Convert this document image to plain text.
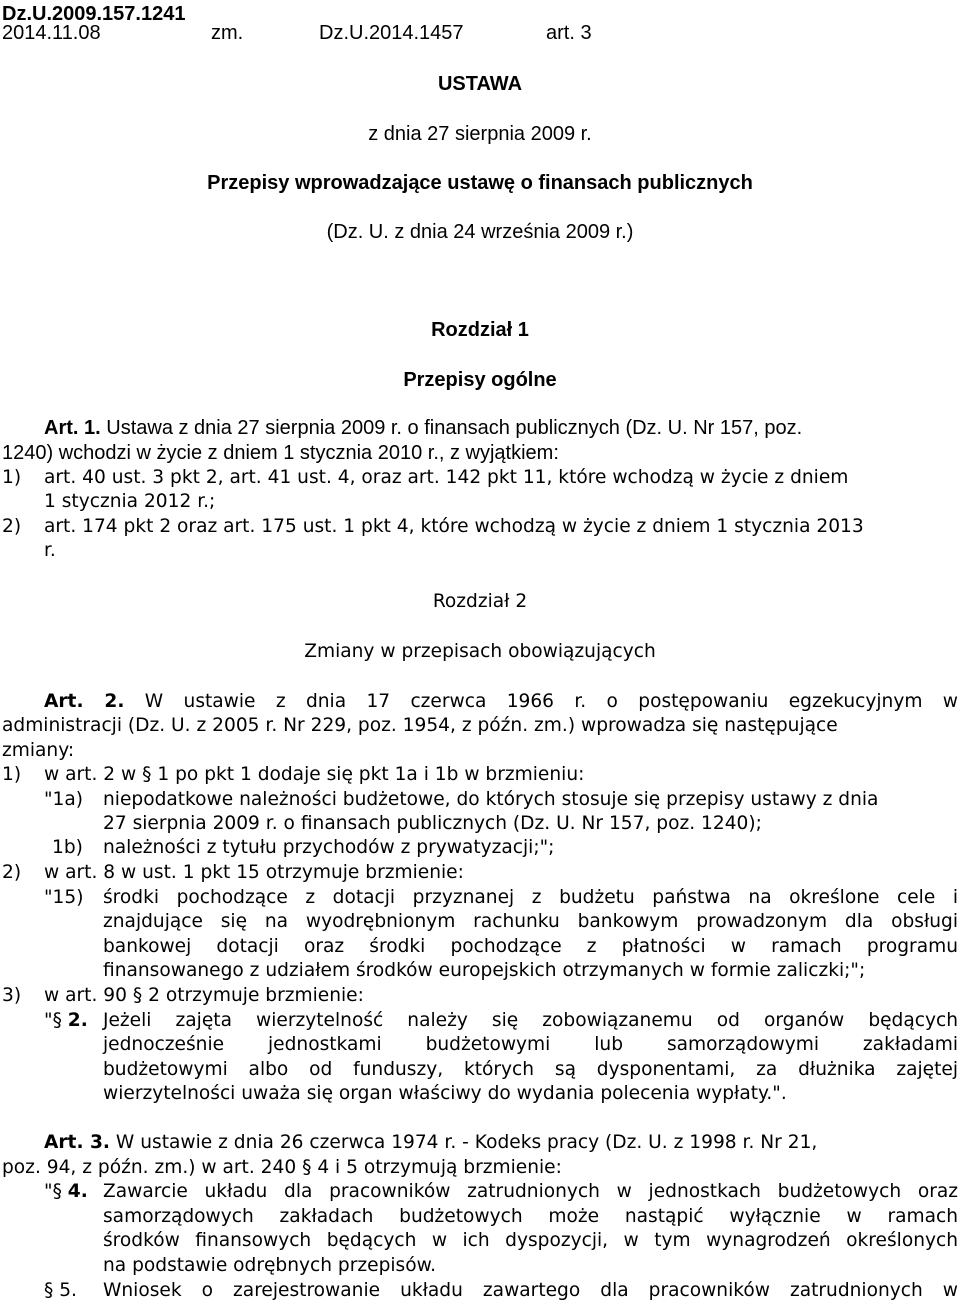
Dz.U.2009.157.1241
2014.11.08	zm.	Dz.U.2014.1457	art. 3
USTAWA
z dnia 27 sierpnia 2009 r.
Przepisy wprowadzające ustawę o finansach publicznych
(Dz. U. z dnia 24 września 2009 r.)
Rozdział 1
Przepisy ogólne
Art. 1. Ustawa z dnia 27 sierpnia 2009 r. o finansach publicznych (Dz. U. Nr 157, poz.
1240) wchodzi w życie z dniem 1 stycznia 2010 r., z wyjątkiem:
1) art. 40 ust. 3 pkt 2, art. 41 ust. 4, oraz art. 142 pkt 11, które wchodzą w życie z dniem
1 stycznia 2012 r.;
2) art. 174 pkt 2 oraz art. 175 ust. 1 pkt 4, które wchodzą w życie z dniem 1 stycznia 2013
r.
Rozdział 2
Zmiany w przepisach obowiązujących
Art. 2. W ustawie z dnia 17 czerwca 1966 r. o postępowaniu egzekucyjnym w
administracji (Dz. U. z 2005 r. Nr 229, poz. 1954, z późn. zm.) wprowadza się następujące
zmiany:
1) w art. 2 w § 1 po pkt 1 dodaje się pkt 1a i 1b w brzmieniu:
"1a) niepodatkowe należności budżetowe, do których stosuje się przepisy ustawy z dnia
27 sierpnia 2009 r. o finansach publicznych (Dz. U. Nr 157, poz. 1240);
1b) należności z tytułu przychodów z prywatyzacji;";
2) w art. 8 w ust. 1 pkt 15 otrzymuje brzmienie:
"15) środki pochodzące z dotacji przyznanej z budżetu państwa na określone cele i
znajdujące się na wyodrębnionym rachunku bankowym prowadzonym dla obsługi
bankowej dotacji oraz środki pochodzące z płatności w ramach programu
finansowanego z udziałem środków europejskich otrzymanych w formie zaliczki;";
3) w art. 90 § 2 otrzymuje brzmienie:
"§ 2. Jeżeli zajęta wierzytelność należy się zobowiązanemu od organów będących
jednocześnie jednostkami budżetowymi lub samorządowymi zakładami
budżetowymi albo od funduszy, których są dysponentami, za dłużnika zajętej
wierzytelności uważa się organ właściwy do wydania polecenia wypłaty.".
Art. 3. W ustawie z dnia 26 czerwca 1974 r. - Kodeks pracy (Dz. U. z 1998 r. Nr 21,
poz. 94, z późn. zm.) w art. 240 § 4 i 5 otrzymują brzmienie:
"§ 4. Zawarcie układu dla pracowników zatrudnionych w jednostkach budżetowych oraz
samorządowych zakładach budżetowych może nastąpić wyłącznie w ramach
środków finansowych będących w ich dyspozycji, w tym wynagrodzeń określonych
na podstawie odrębnych przepisów.
§ 5. Wniosek o zarejestrowanie układu zawartego dla pracowników zatrudnionych w
